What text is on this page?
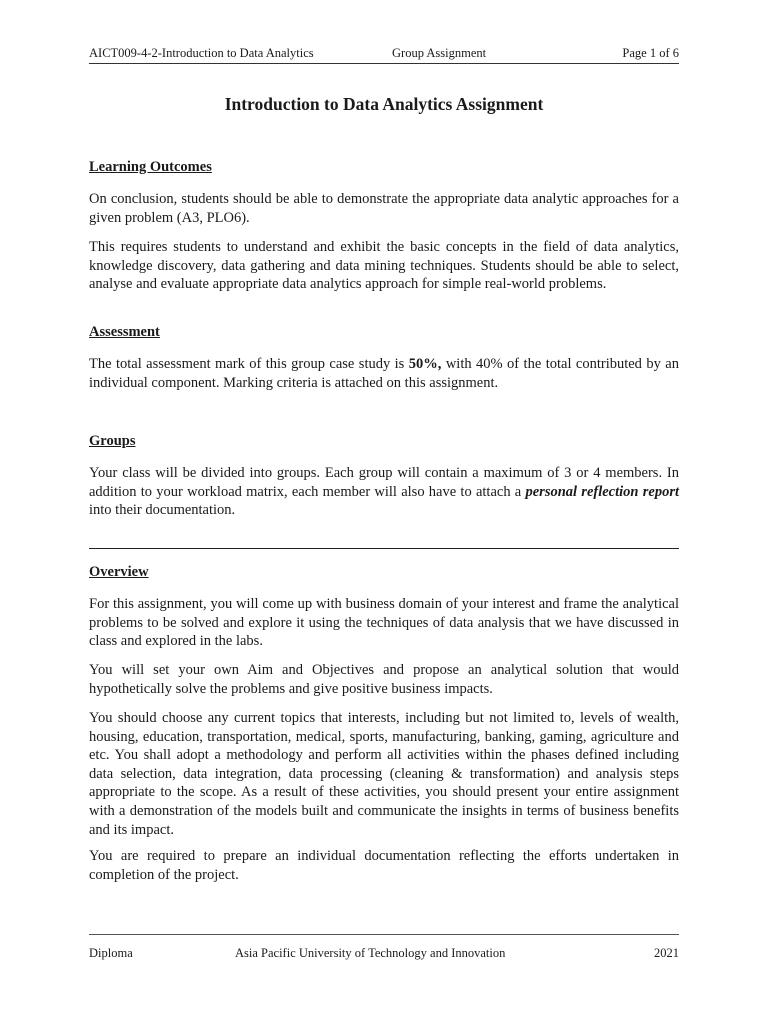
AICT009-4-2-Introduction to Data Analytics	Group Assignment	Page 1 of 6
Introduction to Data Analytics Assignment
Learning Outcomes
On conclusion, students should be able to demonstrate the appropriate data analytic approaches for a given problem (A3, PLO6).
This requires students to understand and exhibit the basic concepts in the field of data analytics, knowledge discovery, data gathering and data mining techniques. Students should be able to select, analyse and evaluate appropriate data analytics approach for simple real-world problems.
Assessment
The total assessment mark of this group case study is 50%, with 40% of the total contributed by an individual component. Marking criteria is attached on this assignment.
Groups
Your class will be divided into groups. Each group will contain a maximum of 3 or 4 members. In addition to your workload matrix, each member will also have to attach a personal reflection report into their documentation.
Overview
For this assignment, you will come up with business domain of your interest and frame the analytical problems to be solved and explore it using the techniques of data analysis that we have discussed in class and explored in the labs.
You will set your own Aim and Objectives and propose an analytical solution that would hypothetically solve the problems and give positive business impacts.
You should choose any current topics that interests, including but not limited to, levels of wealth, housing, education, transportation, medical, sports, manufacturing, banking, gaming, agriculture and etc. You shall adopt a methodology and perform all activities within the phases defined including data selection, data integration, data processing (cleaning & transformation) and analysis steps appropriate to the scope. As a result of these activities, you should present your entire assignment with a demonstration of the models built and communicate the insights in terms of business benefits and its impact.
You are required to prepare an individual documentation reflecting the efforts undertaken in completion of the project.
Diploma	Asia Pacific University of Technology and Innovation	2021
